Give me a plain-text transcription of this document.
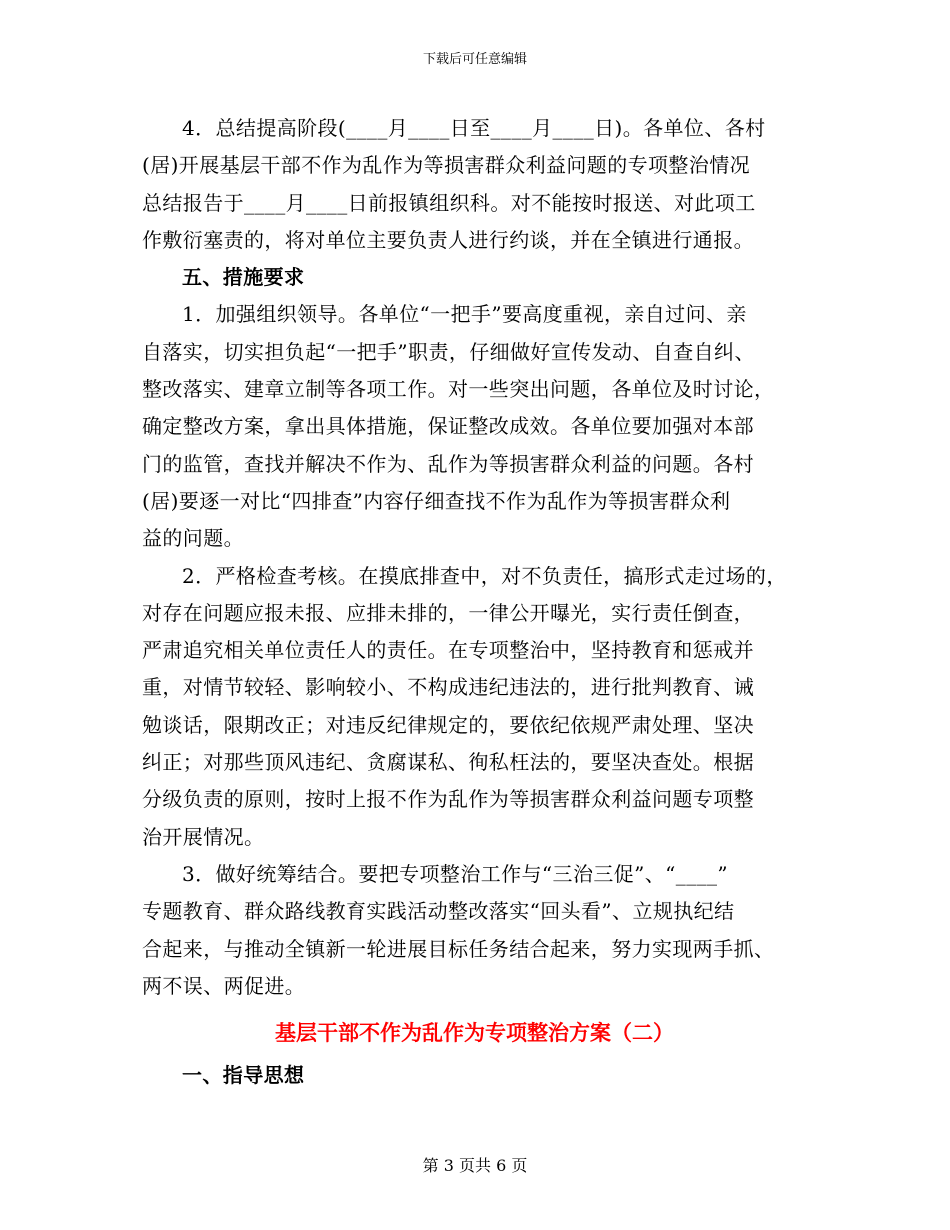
下载后可任意编辑
4．总结提高阶段(____月____日至____月____日)。各单位、各村
(居)开展基层干部不作为乱作为等损害群众利益问题的专项整治情况
总结报告于____月____日前报镇组织科。对不能按时报送、对此项工
作敷衍塞责的，将对单位主要负责人进行约谈，并在全镇进行通报。
五、措施要求
1．加强组织领导。各单位“一把手”要高度重视，亲自过问、亲
自落实，切实担负起“一把手”职责，仔细做好宣传发动、自查自纠、
整改落实、建章立制等各项工作。对一些突出问题，各单位及时讨论，
确定整改方案，拿出具体措施，保证整改成效。各单位要加强对本部
门的监管，查找并解决不作为、乱作为等损害群众利益的问题。各村
(居)要逐一对比“四排查”内容仔细查找不作为乱作为等损害群众利
益的问题。
2．严格检查考核。在摸底排查中，对不负责任，搞形式走过场的，
对存在问题应报未报、应排未排的，一律公开曝光，实行责任倒查，
严肃追究相关单位责任人的责任。在专项整治中，坚持教育和惩戒并
重，对情节较轻、影响较小、不构成违纪违法的，进行批判教育、诫
勉谈话，限期改正；对违反纪律规定的，要依纪依规严肃处理、坚决
纠正；对那些顶风违纪、贪腐谋私、徇私枉法的，要坚决查处。根据
分级负责的原则，按时上报不作为乱作为等损害群众利益问题专项整
治开展情况。
3．做好统筹结合。要把专项整治工作与“三治三促”、“____”
专题教育、群众路线教育实践活动整改落实“回头看”、立规执纪结
合起来，与推动全镇新一轮进展目标任务结合起来，努力实现两手抓、
两不误、两促进。
基层干部不作为乱作为专项整治方案（二）
一、指导思想
第 3 页共 6 页
